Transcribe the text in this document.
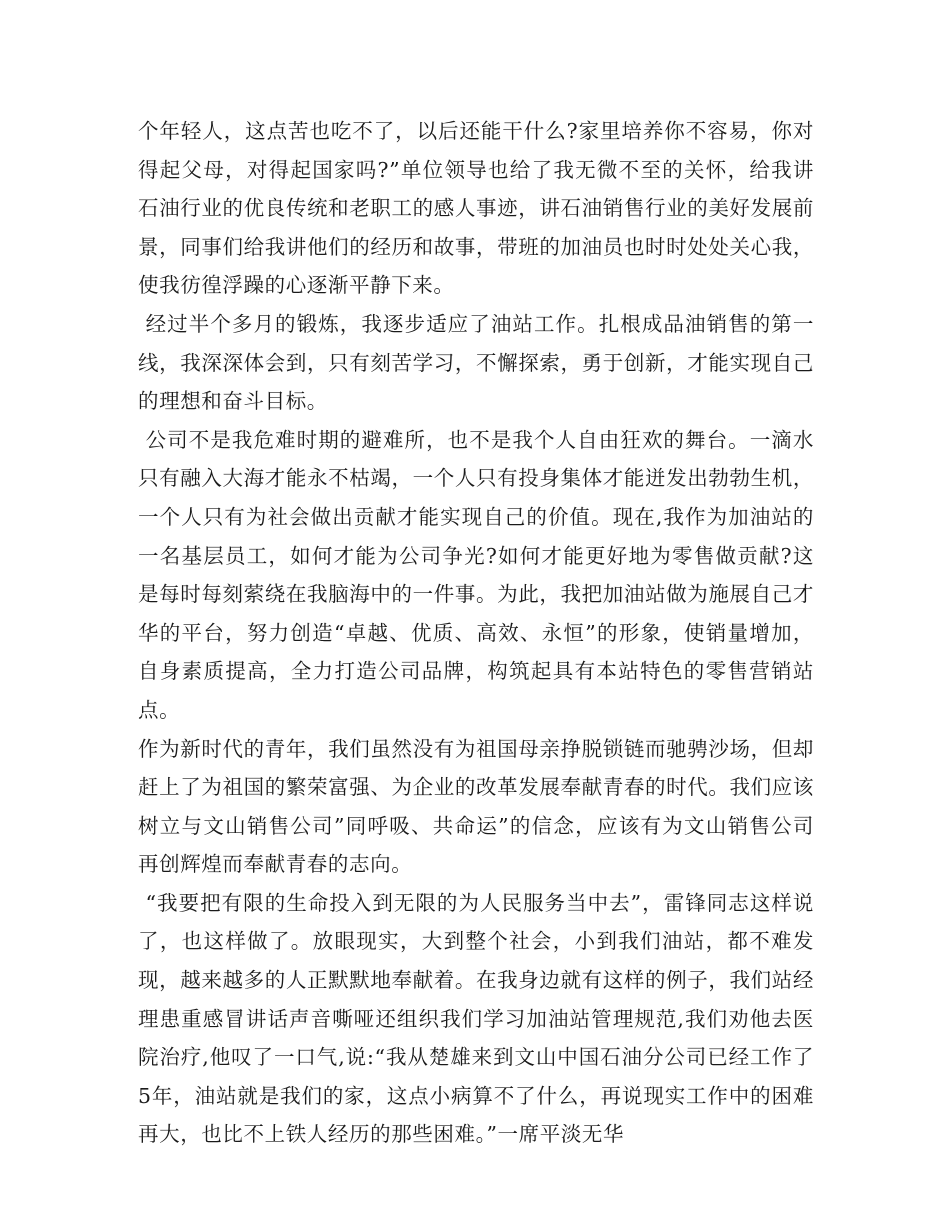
个年轻人，这点苦也吃不了，以后还能干什么?家里培养你不容易，你对得起父母，对得起国家吗?”单位领导也给了我无微不至的关怀，给我讲石油行业的优良传统和老职工的感人事迹，讲石油销售行业的美好发展前景，同事们给我讲他们的经历和故事，带班的加油员也时时处处关心我，使我彷徨浮躁的心逐渐平静下来。

经过半个多月的锻炼，我逐步适应了油站工作。扎根成品油销售的第一线，我深深体会到，只有刻苦学习，不懈探索，勇于创新，才能实现自己的理想和奋斗目标。

公司不是我危难时期的避难所，也不是我个人自由狂欢的舞台。一滴水只有融入大海才能永不枯竭，一个人只有投身集体才能迸发出勃勃生机，一个人只有为社会做出贡献才能实现自己的价值。现在,我作为加油站的一名基层员工，如何才能为公司争光?如何才能更好地为零售做贡献?这是每时每刻萦绕在我脑海中的一件事。为此，我把加油站做为施展自己才华的平台，努力创造“卓越、优质、高效、永恒”的形象，使销量增加，自身素质提高，全力打造公司品牌，构筑起具有本站特色的零售营销站点。

作为新时代的青年，我们虽然没有为祖国母亲挣脱锁链而驰骋沙场，但却赶上了为祖国的繁荣富强、为企业的改革发展奉献青春的时代。我们应该树立与文山销售公司”同呼吸、共命运”的信念，应该有为文山销售公司再创辉煌而奉献青春的志向。

“我要把有限的生命投入到无限的为人民服务当中去”，雷锋同志这样说了，也这样做了。放眼现实，大到整个社会，小到我们油站，都不难发现，越来越多的人正默默地奉献着。在我身边就有这样的例子，我们站经理患重感冒讲话声音嘶哑还组织我们学习加油站管理规范,我们劝他去医院治疗,他叹了一口气,说:“我从楚雄来到文山中国石油分公司已经工作了5年，油站就是我们的家，这点小病算不了什么，再说现实工作中的困难再大，也比不上铁人经历的那些困难。”一席平淡无华
